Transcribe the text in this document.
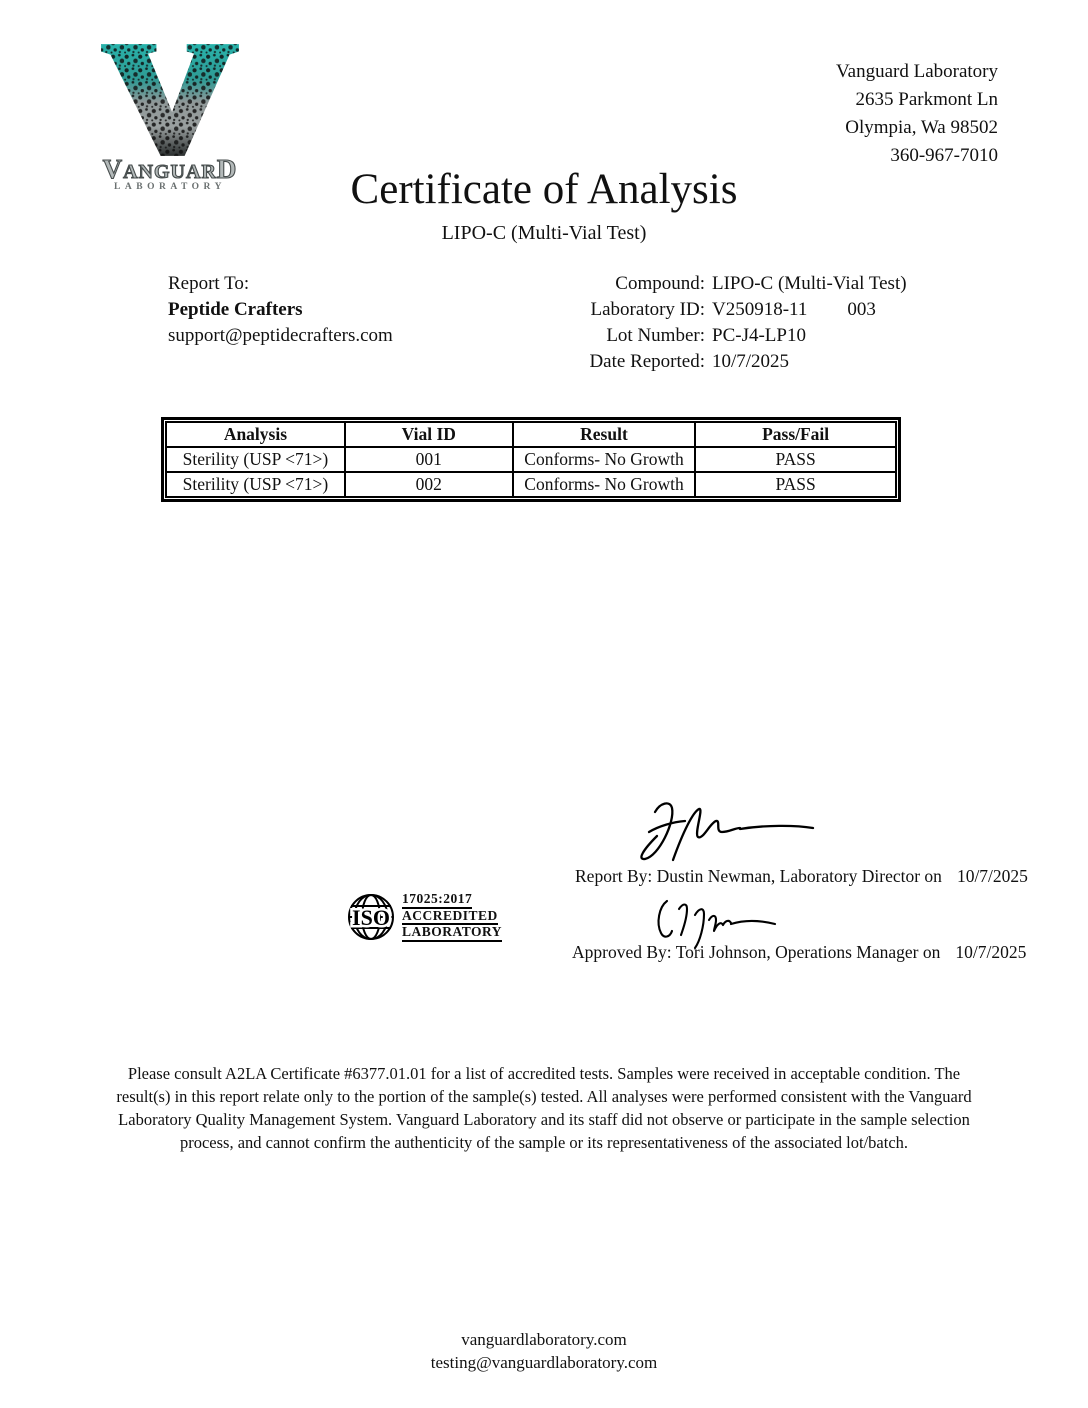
VANGUARD
LABORATORY
Vanguard Laboratory
2635 Parkmont Ln
Olympia, Wa 98502
360-967-7010
Certificate of Analysis
LIPO-C (Multi-Vial Test)
Report To:
Peptide Crafters
support@peptidecrafters.com
Compound: LIPO-C (Multi-Vial Test)
Laboratory ID: V250918-11 003
Lot Number: PC-J4-LP10
Date Reported: 10/7/2025
Analysis	Vial ID	Result	Pass/Fail
Sterility (USP <71>)	001	Conforms- No Growth	PASS
Sterility (USP <71>)	002	Conforms- No Growth	PASS
Report By: Dustin Newman, Laboratory Director on 10/7/2025
ISO
17025:2017
ACCREDITED
LABORATORY
Approved By: Tori Johnson, Operations Manager on 10/7/2025
Please consult A2LA Certificate #6377.01.01 for a list of accredited tests. Samples were received in acceptable condition. The result(s) in this report relate only to the portion of the sample(s) tested. All analyses were performed consistent with the Vanguard Laboratory Quality Management System. Vanguard Laboratory and its staff did not observe or participate in the sample selection process, and cannot confirm the authenticity of the sample or its representativeness of the associated lot/batch.
vanguardlaboratory.com
testing@vanguardlaboratory.com
